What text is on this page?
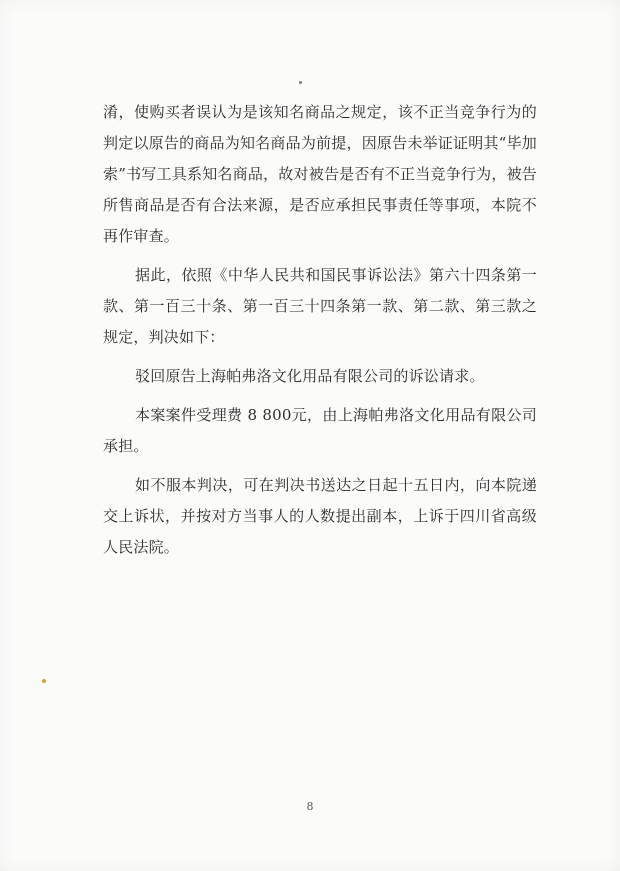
淆，使购买者误认为是该知名商品之规定，该不正当竞争行为的判定以原告的商品为知名商品为前提，因原告未举证证明其“毕加索”书写工具系知名商品，故对被告是否有不正当竞争行为，被告所售商品是否有合法来源，是否应承担民事责任等事项，本院不再作审查。

据此，依照《中华人民共和国民事诉讼法》第六十四条第一款、第一百三十条、第一百三十四条第一款、第二款、第三款之规定，判决如下：

驳回原告上海帕弗洛文化用品有限公司的诉讼请求。

本案案件受理费 8 800元，由上海帕弗洛文化用品有限公司承担。

如不服本判决，可在判决书送达之日起十五日内，向本院递交上诉状，并按对方当事人的人数提出副本，上诉于四川省高级人民法院。

8
